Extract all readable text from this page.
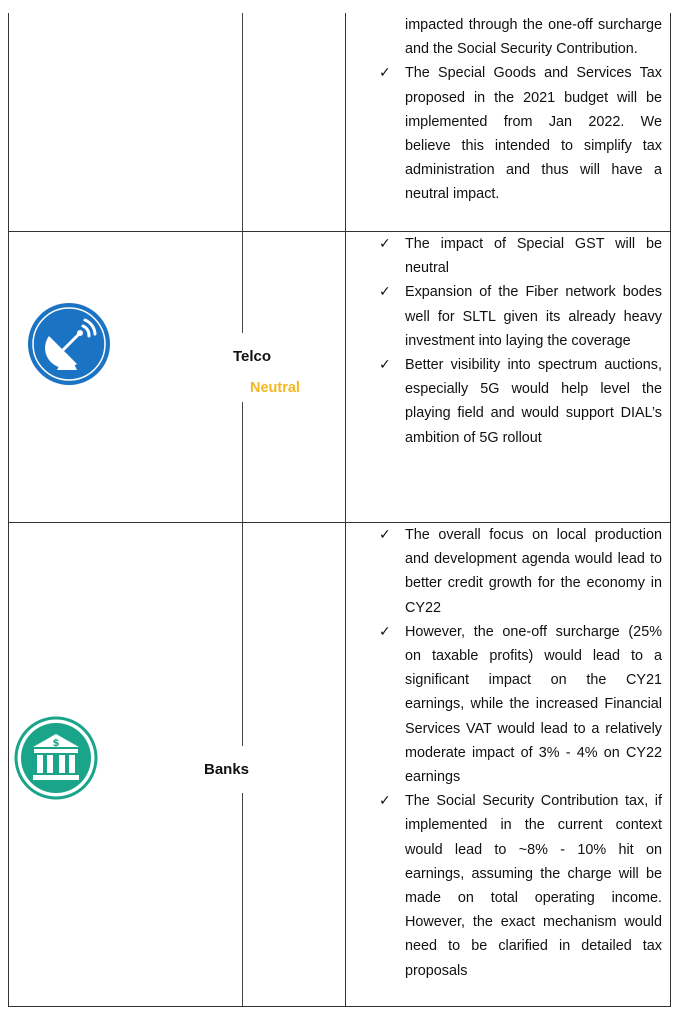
impacted through the one-off surcharge and the Social Security Contribution.
✓ The Special Goods and Services Tax proposed in the 2021 budget will be implemented from Jan 2022. We believe this intended to simplify tax administration and thus will have a neutral impact.
Telco
Neutral
✓ The impact of Special GST will be neutral
✓ Expansion of the Fiber network bodes well for SLTL given its already heavy investment into laying the coverage
✓ Better visibility into spectrum auctions, especially 5G would help level the playing field and would support DIAL’s ambition of 5G rollout
$
Banks
✓ The overall focus on local production and development agenda would lead to better credit growth for the economy in CY22
✓ However, the one-off surcharge (25% on taxable profits) would lead to a significant impact on the CY21 earnings, while the increased Financial Services VAT would lead to a relatively moderate impact of 3% - 4% on CY22 earnings
✓ The Social Security Contribution tax, if implemented in the current context would lead to ~8% - 10% hit on earnings, assuming the charge will be made on total operating income. However, the exact mechanism would need to be clarified in detailed tax proposals
